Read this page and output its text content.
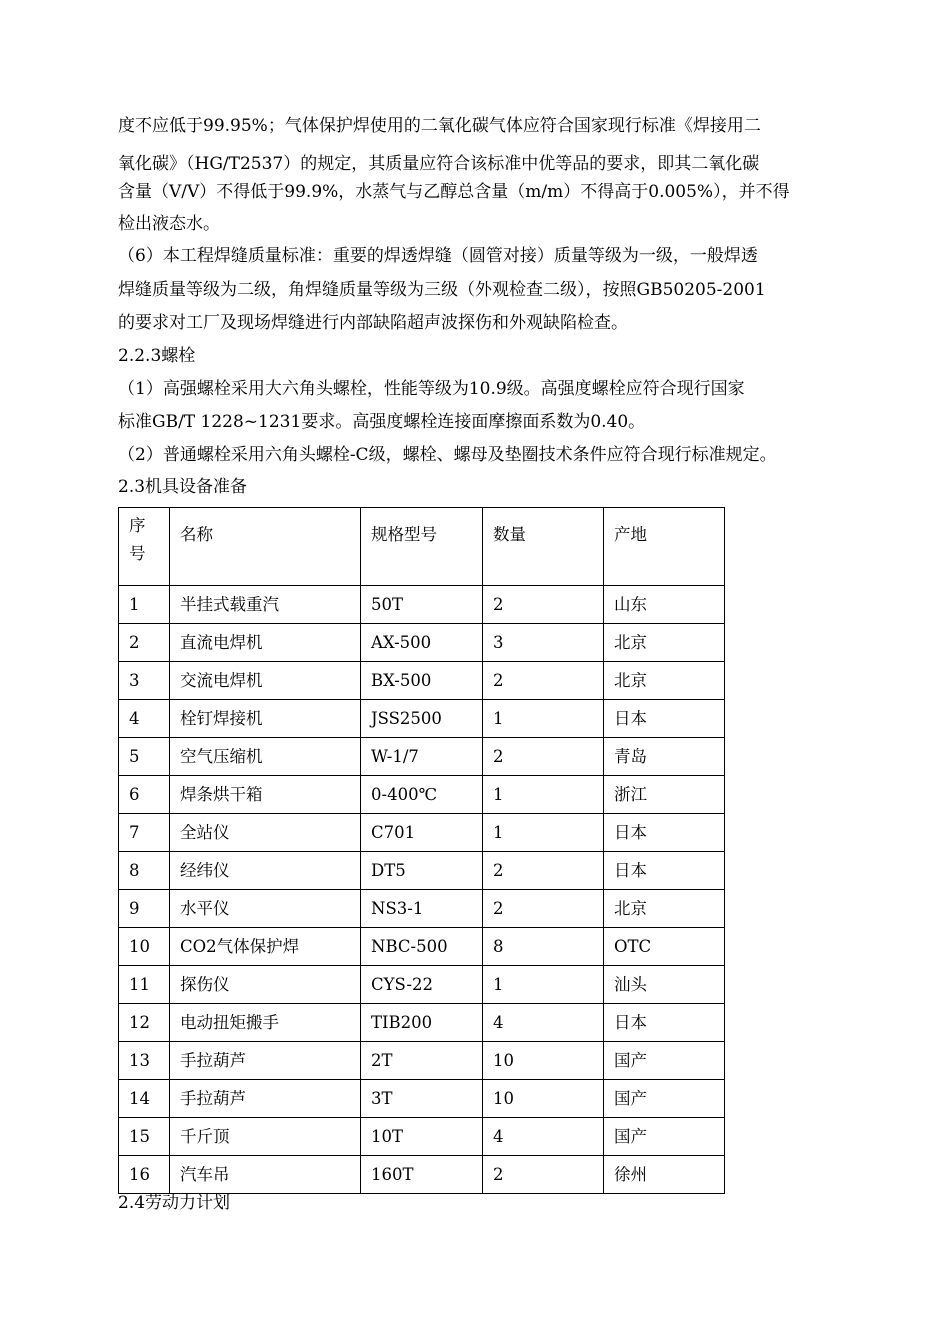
度不应低于99.95%；气体保护焊使用的二氧化碳气体应符合国家现行标准《焊接用二
氧化碳》（HG/T2537）的规定，其质量应符合该标准中优等品的要求，即其二氧化碳
含量（V/V）不得低于99.9%，水蒸气与乙醇总含量（m/m）不得高于0.005%），并不得
检出液态水。
（6）本工程焊缝质量标准：重要的焊透焊缝（圆管对接）质量等级为一级，一般焊透
焊缝质量等级为二级，角焊缝质量等级为三级（外观检查二级），按照GB50205-2001
的要求对工厂及现场焊缝进行内部缺陷超声波探伤和外观缺陷检查。
2.2.3螺栓
（1）高强螺栓采用大六角头螺栓，性能等级为10.9级。高强度螺栓应符合现行国家
标准GB/T 1228~1231要求。高强度螺栓连接面摩擦面系数为0.40。
（2）普通螺栓采用六角头螺栓-C级，螺栓、螺母及垫圈技术条件应符合现行标准规定。
2.3机具设备准备
序
号	名称	规格型号	数量	产地
1	半挂式载重汽	50T	2	山东
2	直流电焊机	AX-500	3	北京
3	交流电焊机	BX-500	2	北京
4	栓钉焊接机	JSS2500	1	日本
5	空气压缩机	W-1/7	2	青岛
6	焊条烘干箱	0-400℃	1	浙江
7	全站仪	C701	1	日本
8	经纬仪	DT5	2	日本
9	水平仪	NS3-1	2	北京
10	CO2气体保护焊	NBC-500	8	OTC
11	探伤仪	CYS-22	1	汕头
12	电动扭矩搬手	TIB200	4	日本
13	手拉葫芦	2T	10	国产
14	手拉葫芦	3T	10	国产
15	千斤顶	10T	4	国产
16	汽车吊	160T	2	徐州
2.4劳动力计划
